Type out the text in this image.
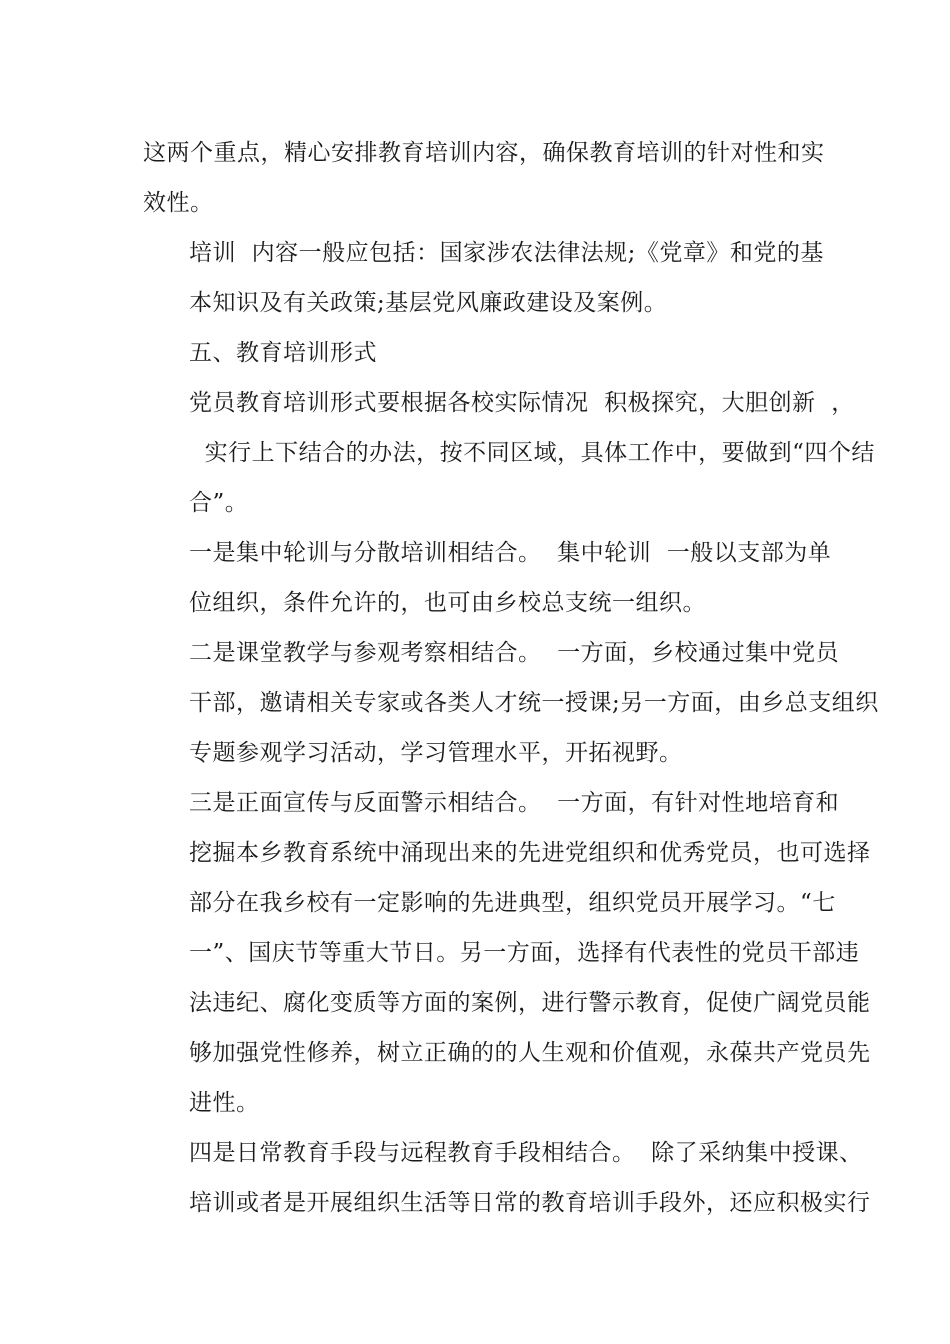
这两个重点，精心安排教育培训内容，确保教育培训的针对性和实
效性。

培训  内容一般应包括：国家涉农法律法规;《党章》和党的基
本知识及有关政策;基层党风廉政建设及案例。

五、教育培训形式

党员教育培训形式要根据各校实际情况  积极探究，大胆创新  ，
实行上下结合的办法，按不同区域，具体工作中，要做到“四个结
合”。

一是集中轮训与分散培训相结合。  集中轮训  一般以支部为单
位组织，条件允许的，也可由乡校总支统一组织。

二是课堂教学与参观考察相结合。  一方面，乡校通过集中党员
干部，邀请相关专家或各类人才统一授课;另一方面，由乡总支组织
专题参观学习活动，学习管理水平，开拓视野。

三是正面宣传与反面警示相结合。  一方面，有针对性地培育和
挖掘本乡教育系统中涌现出来的先进党组织和优秀党员，也可选择
部分在我乡校有一定影响的先进典型，组织党员开展学习。“七
一”、国庆节等重大节日。另一方面，选择有代表性的党员干部违
法违纪、腐化变质等方面的案例，进行警示教育，促使广阔党员能
够加强党性修养，树立正确的的人生观和价值观，永葆共产党员先
进性。

四是日常教育手段与远程教育手段相结合。  除了采纳集中授课、
培训或者是开展组织生活等日常的教育培训手段外，还应积极实行
